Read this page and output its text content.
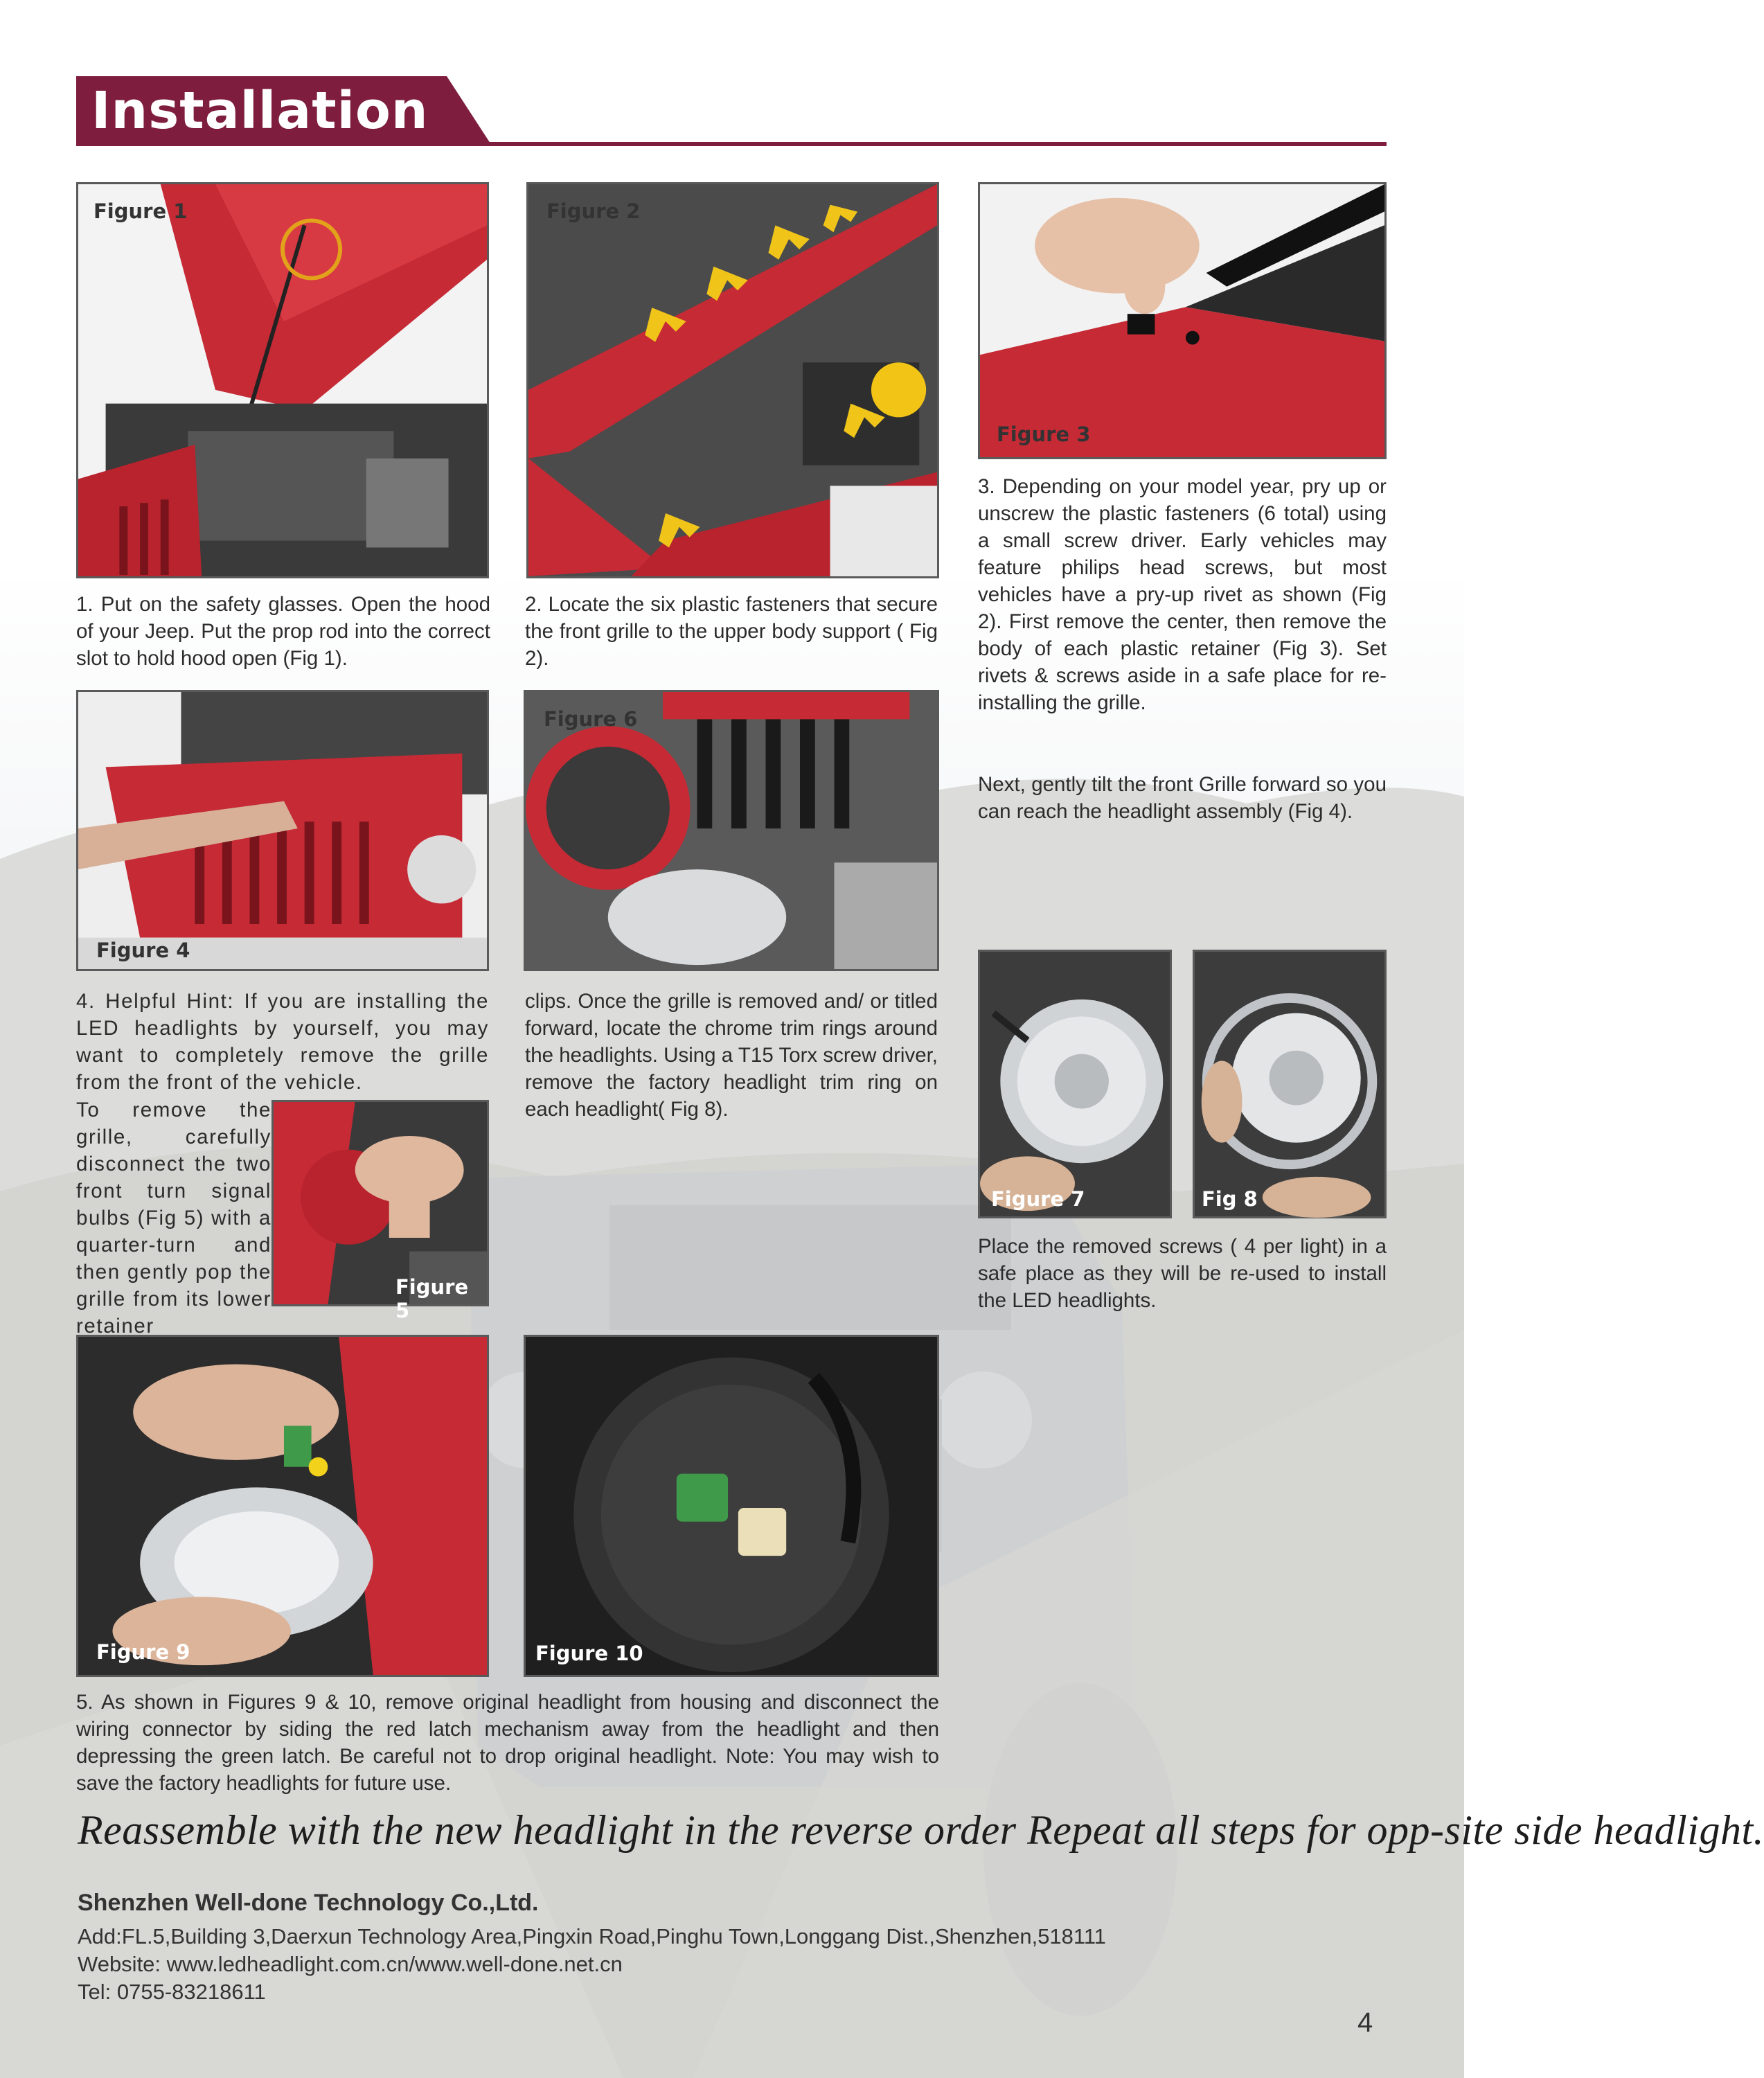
Installation
Figure 1	Figure 2
Figure 3
Figure 4
Figure 6
Figure 5
Figure 7	Fig 8
Figure 9	Figure 10

1. Put on the safety glasses. Open the hood of your Jeep. Put the prop rod into the correct slot to hold hood open (Fig 1).

2. Locate the six plastic fasteners that secure the front grille to the upper body support ( Fig 2).

3. Depending on your model year, pry up or unscrew the plastic fasteners (6 total) using a small screw driver. Early vehicles may feature philips head screws, but most vehicles have a pry-up rivet as shown (Fig 2). First remove the center, then remove the body of each plastic retainer (Fig 3). Set rivets & screws aside in a safe place for re- installing the grille.

Next, gently tilt the front Grille forward so you can reach the headlight assembly (Fig 4).

4. Helpful Hint: If you are installing the LED headlights by yourself, you may want to completely remove the grille from the front of the vehicle.

To remove the grille, carefully disconnect the two front turn signal bulbs (Fig 5) with a quarter-turn and then gently pop the grille from its lower retainer

clips. Once the grille is removed and/ or titled forward, locate the chrome trim rings around the headlights. Using a T15 Torx screw driver, remove the factory headlight trim ring on each headlight( Fig 8).

Place the removed screws ( 4 per light) in a safe place as they will be re-used to install the LED headlights.

5. As shown in Figures 9 & 10, remove original headlight from housing and disconnect the wiring connector by siding the red latch mechanism away from the headlight and then depressing the green latch. Be careful not to drop original headlight. Note: You may wish to save the factory headlights for future use.

Reassemble with the new headlight in the reverse order Repeat all steps for opp-site side headlight.
Shenzhen Well-done Technology Co.,Ltd.
Add:FL.5,Building 3,Daerxun Technology Area,Pingxin Road,Pinghu Town,Longgang Dist.,Shenzhen,518111
Website: www.ledheadlight.com.cn/www.well-done.net.cn
Tel: 0755-83218611
4
